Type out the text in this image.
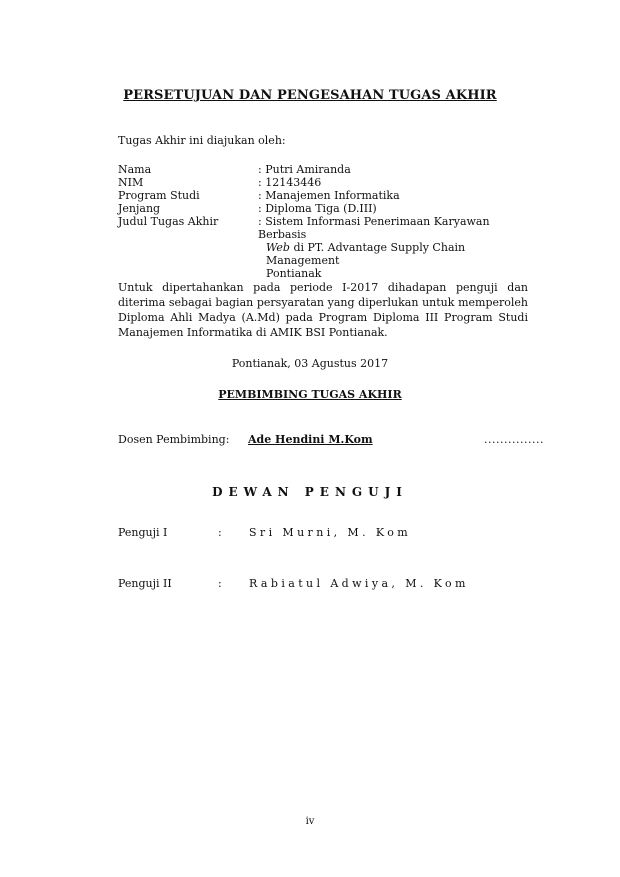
PERSETUJUAN DAN PENGESAHAN TUGAS AKHIR
Tugas Akhir ini diajukan oleh:
Nama	: Putri Amiranda
NIM	: 12143446
Program Studi	: Manajemen Informatika
Jenjang	: Diploma Tiga (D.III)
Judul Tugas Akhir	: Sistem Informasi Penerimaan Karyawan Berbasis
Web di PT. Advantage Supply Chain Management
Pontianak
Untuk dipertahankan pada periode I-2017 dihadapan penguji dan diterima sebagai bagian persyaratan yang diperlukan untuk memperoleh Diploma Ahli Madya (A.Md) pada Program Diploma III Program Studi Manajemen Informatika di AMIK BSI Pontianak.
Pontianak, 03 Agustus 2017
PEMBIMBING TUGAS AKHIR
Dosen Pembimbing: Ade Hendini M.Kom	...............
DEWAN PENGUJI
Penguji I	: Sri Murni, M. Kom
Penguji II	: Rabiatul Adwiya, M. Kom
iv
